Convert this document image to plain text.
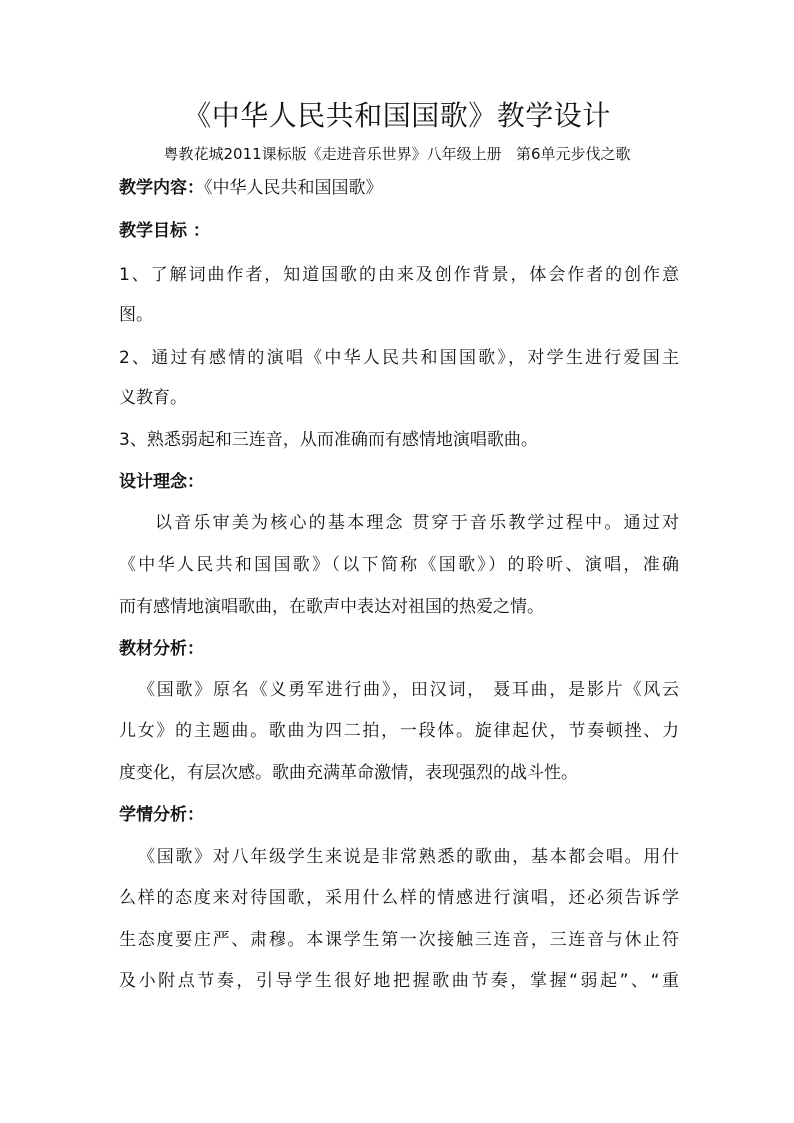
《中华人民共和国国歌》教学设计
粤教花城2011课标版《走进音乐世界》八年级上册   第6单元步伐之歌
教学内容：《中华人民共和国国歌》
教学目标 ：
1、了解词曲作者，知道国歌的由来及创作背景，体会作者的创作意
图。
2、通过有感情的演唱《中华人民共和国国歌》，对学生进行爱国主
义教育。
3、熟悉弱起和三连音，从而准确而有感情地演唱歌曲。
设计理念：
以音乐审美为核心的基本理念 贯穿于音乐教学过程中。通过对
《中华人民共和国国歌》（以下简称《国歌》）的聆听、演唱，准确
而有感情地演唱歌曲，在歌声中表达对祖国的热爱之情。
教材分析：
《国歌》原名《义勇军进行曲》，田汉词， 聂耳曲，是影片《风云
儿女》的主题曲。歌曲为四二拍，一段体。旋律起伏，节奏顿挫、力
度变化，有层次感。歌曲充满革命激情，表现强烈的战斗性。
学情分析：
《国歌》对八年级学生来说是非常熟悉的歌曲，基本都会唱。用什
么样的态度来对待国歌，采用什么样的情感进行演唱，还必须告诉学
生态度要庄严、肃穆。本课学生第一次接触三连音，三连音与休止符
及小附点节奏，引导学生很好地把握歌曲节奏，掌握“弱起”、“重
